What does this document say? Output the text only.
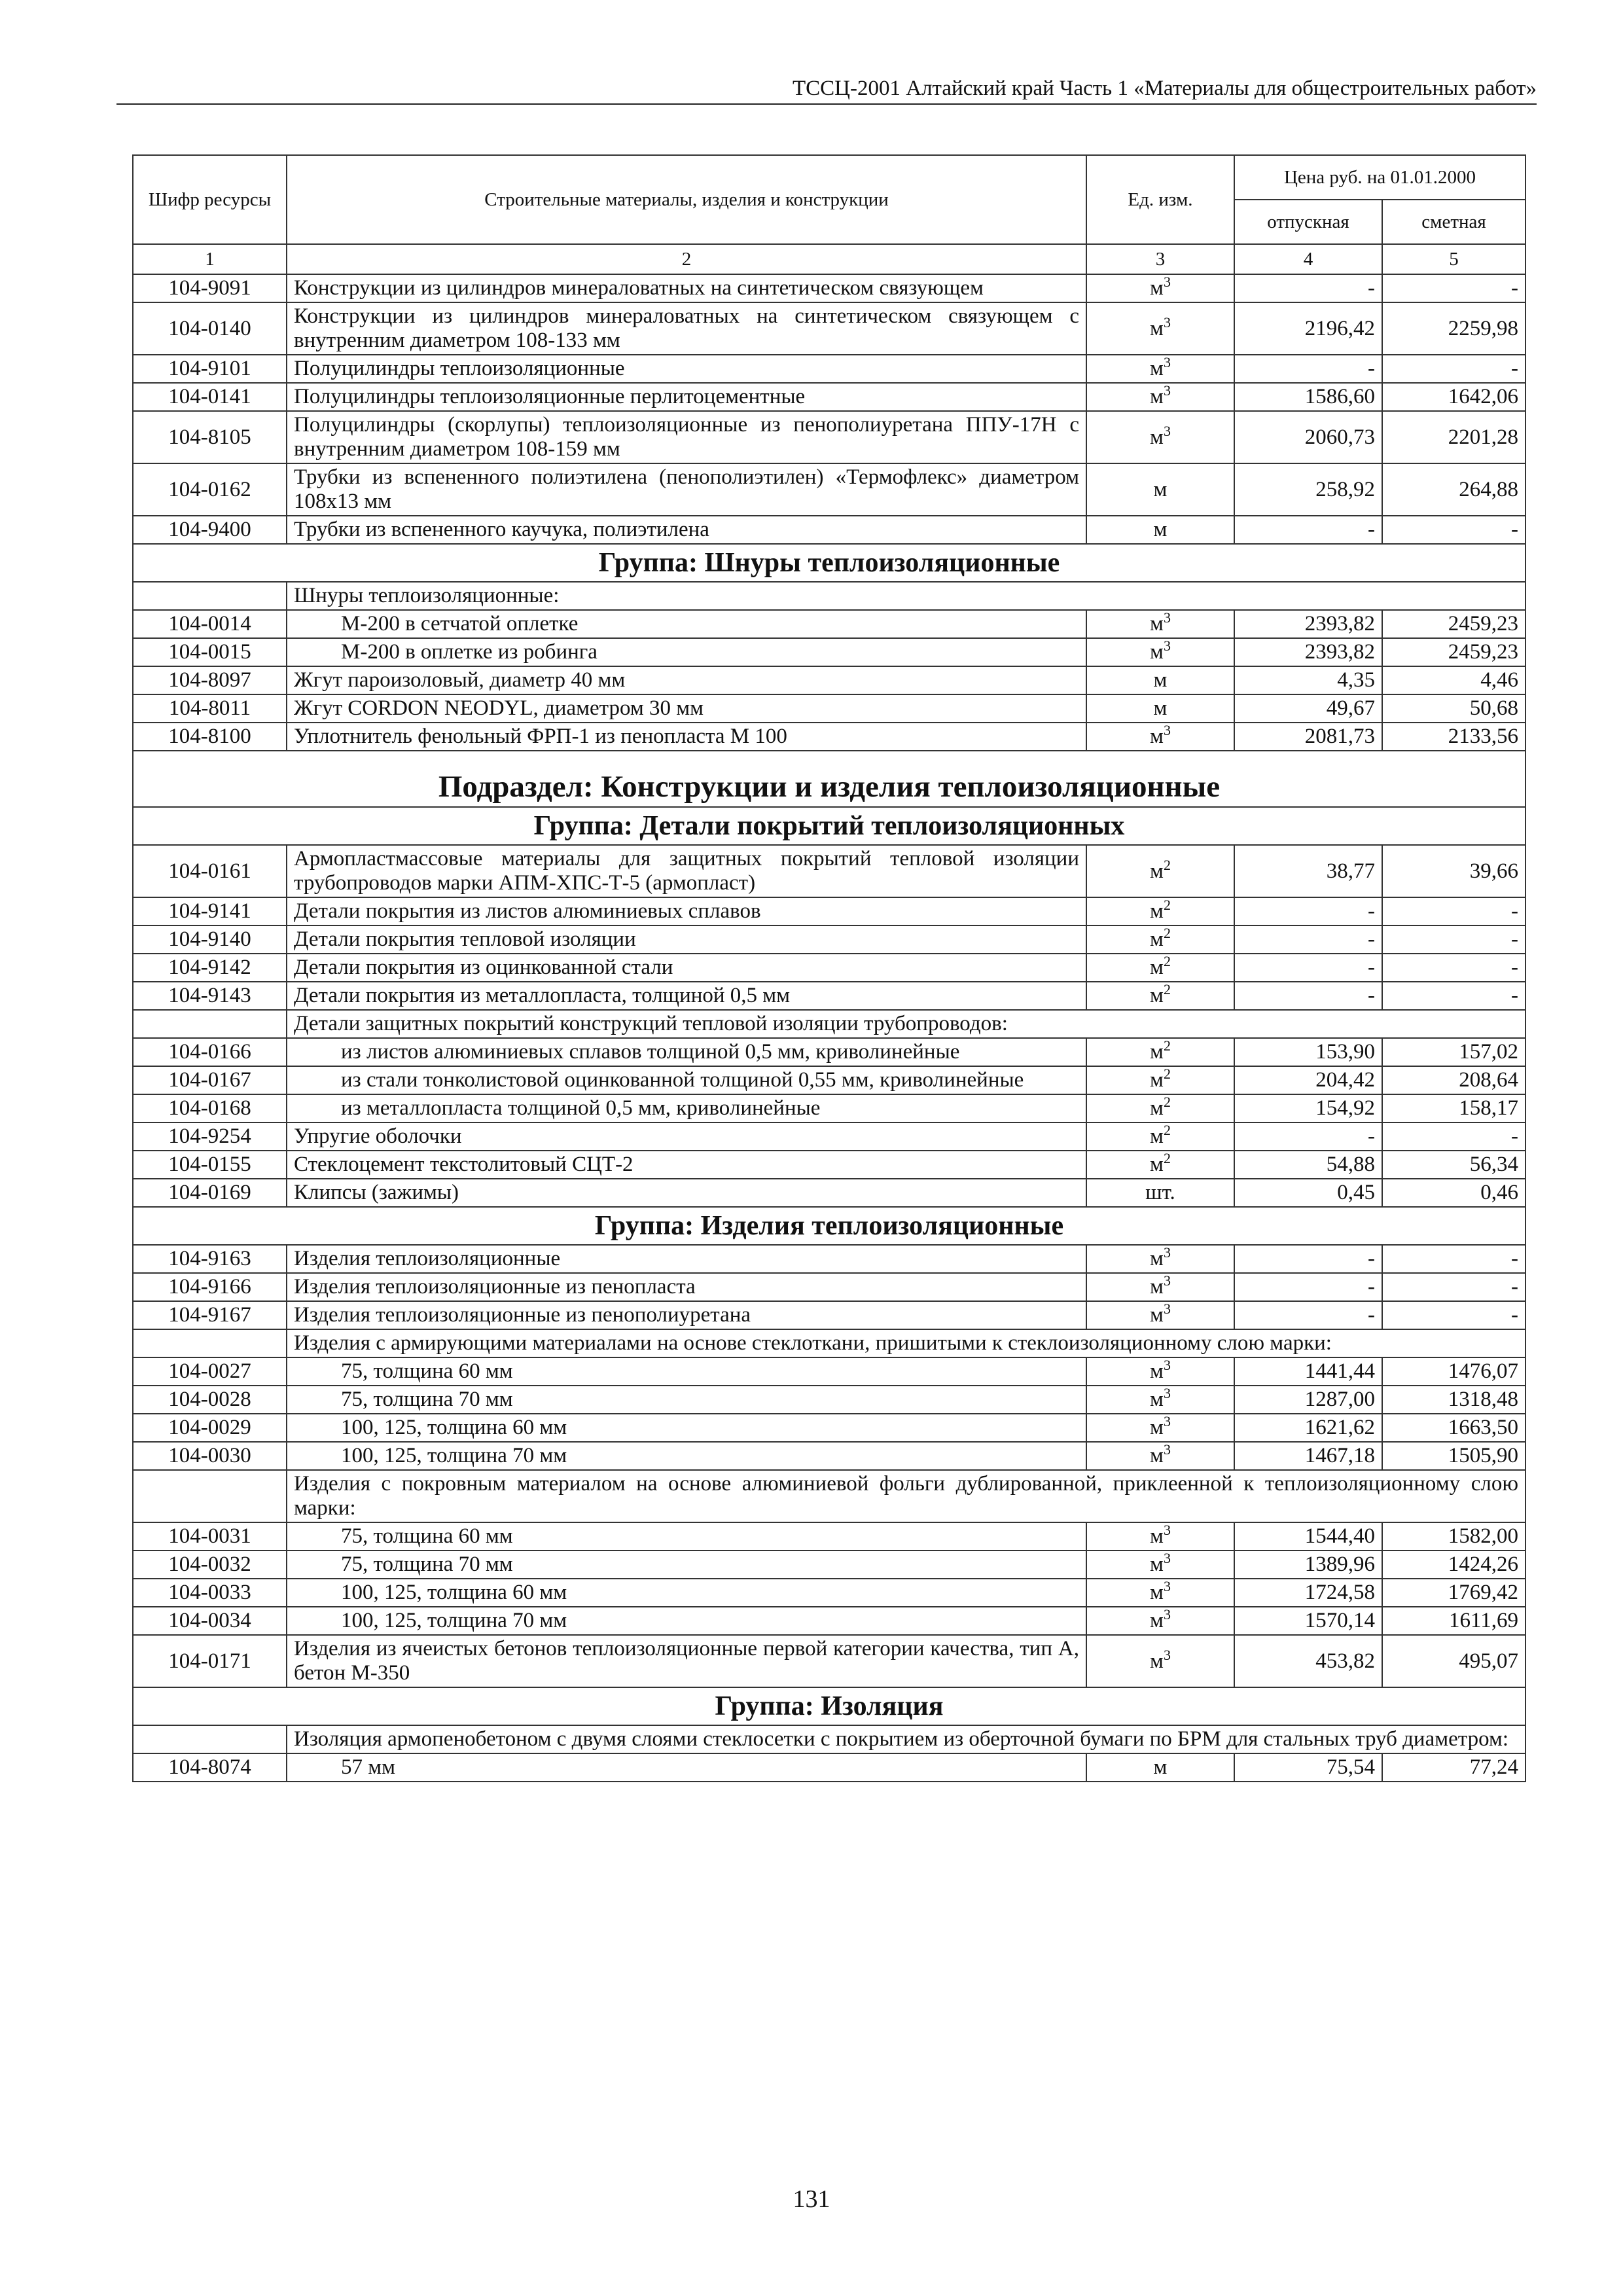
ТССЦ-2001 Алтайский край Часть 1 «Материалы для общестроительных работ»
Шифр ресурсы	Строительные материалы, изделия и конструкции	Ед. изм.	Цена руб. на 01.01.2000	
			отпускная	сметная
1	2	3	4	5
104-9091	Конструкции из цилиндров минераловатных на синтетическом связующем	$м^3$	-	-
104-0140	Конструкции из цилиндров минераловатных на синтетическом связующем с внутренним диаметром 108-133 мм	$м^3$	2196,42	2259,98
104-9101	Полуцилиндры теплоизоляционные	$м^3$	-	-
104-0141	Полуцилиндры теплоизоляционные перлитоцементные	$м^3$	1586,60	1642,06
104-8105	Полуцилиндры (скорлупы) теплоизоляционные из пенополиуретана ППУ-17Н с внутренним диаметром 108-159 мм	$м^3$	2060,73	2201,28
104-0162	Трубки из вспененного полиэтилена (пенополиэтилен) «Термофлекс» диаметром 108х13 мм	м	258,92	264,88
104-9400	Трубки из вспененного каучука, полиэтилена	м	-	-
Группа: Шнуры теплоизоляционные				
	Шнуры теплоизоляционные:			
104-0014	М-200 в сетчатой оплетке	$м^3$	2393,82	2459,23
104-0015	М-200 в оплетке из робинга	$м^3$	2393,82	2459,23
104-8097	Жгут пароизоловый, диаметр 40 мм	м	4,35	4,46
104-8011	Жгут CORDON NEODYL, диаметром 30 мм	м	49,67	50,68
104-8100	Уплотнитель фенольный ФРП-1 из пенопласта М 100	$м^3$	2081,73	2133,56
Подраздел: Конструкции и изделия теплоизоляционные				
Группа: Детали покрытий теплоизоляционных				
104-0161	Армопластмассовые материалы для защитных покрытий тепловой изоляции трубопроводов марки АПМ-ХПС-Т-5 (армопласт)	$м^2$	38,77	39,66
104-9141	Детали покрытия из листов алюминиевых сплавов	$м^2$	-	-
104-9140	Детали покрытия тепловой изоляции	$м^2$	-	-
104-9142	Детали покрытия из оцинкованной стали	$м^2$	-	-
104-9143	Детали покрытия из металлопласта, толщиной 0,5 мм	$м^2$	-	-
	Детали защитных покрытий конструкций тепловой изоляции трубопроводов:			
104-0166	из листов алюминиевых сплавов толщиной 0,5 мм, криволинейные	$м^2$	153,90	157,02
104-0167	из стали тонколистовой оцинкованной толщиной 0,55 мм, криволинейные	$м^2$	204,42	208,64
104-0168	из металлопласта толщиной 0,5 мм, криволинейные	$м^2$	154,92	158,17
104-9254	Упругие оболочки	$м^2$	-	-
104-0155	Стеклоцемент текстолитовый СЦТ-2	$м^2$	54,88	56,34
104-0169	Клипсы (зажимы)	шт.	0,45	0,46
Группа: Изделия теплоизоляционные				
104-9163	Изделия теплоизоляционные	$м^3$	-	-
104-9166	Изделия теплоизоляционные из пенопласта	$м^3$	-	-
104-9167	Изделия теплоизоляционные из пенополиуретана	$м^3$	-	-
	Изделия с армирующими материалами на основе стеклоткани, пришитыми к стеклоизоляционному слою марки:			
104-0027	75, толщина 60 мм	$м^3$	1441,44	1476,07
104-0028	75, толщина 70 мм	$м^3$	1287,00	1318,48
104-0029	100, 125, толщина 60 мм	$м^3$	1621,62	1663,50
104-0030	100, 125, толщина 70 мм	$м^3$	1467,18	1505,90
	Изделия с покровным материалом на основе алюминиевой фольги дублированной, приклеенной к теплоизоляционному слою марки:			
104-0031	75, толщина 60 мм	$м^3$	1544,40	1582,00
104-0032	75, толщина 70 мм	$м^3$	1389,96	1424,26
104-0033	100, 125, толщина 60 мм	$м^3$	1724,58	1769,42
104-0034	100, 125, толщина 70 мм	$м^3$	1570,14	1611,69
104-0171	Изделия из ячеистых бетонов теплоизоляционные первой категории качества, тип А, бетон М-350	$м^3$	453,82	495,07
Группа: Изоляция				
	Изоляция армопенобетоном с двумя слоями стеклосетки с покрытием из оберточной бумаги по БРМ для стальных труб диаметром:			
104-8074	57 мм	м	75,54	77,24
131
